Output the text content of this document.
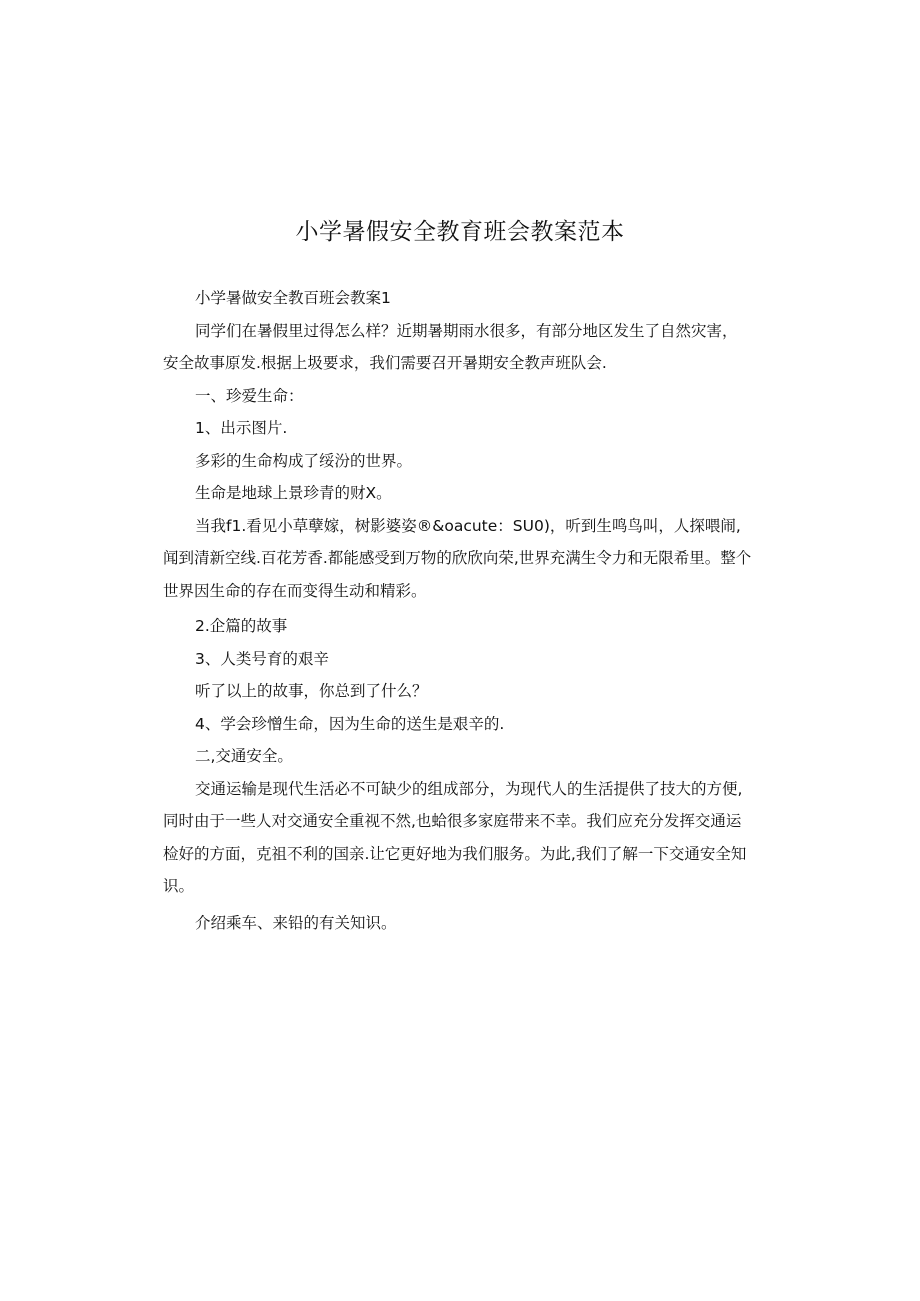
小学暑假安全教育班会教案范本

小学暑做安全教百班会教案1

同学们在暑假里过得怎么样？近期暑期雨水很多，有部分地区发生了自然灾害，安全故事原发.根据上圾要求，我们需要召开暑期安全教声班队会.

一、珍爱生命：

1、出示图片.

多彩的生命构成了绥汾的世界。

生命是地球上景珍青的财X。

当我f1.看见小草孽嫁，树影婆姿®&oacute：SU0)，听到生鸣鸟叫，人探喂闹,闻到清新空线.百花芳香.都能感受到万物的欣欣向荣,世界充满生令力和无限希里。整个世界因生命的存在而变得生动和精彩。

2.企篇的故事

3、人类号育的艰辛

听了以上的故事，你总到了什么？

4、学会珍憎生命，因为生命的送生是艰辛的.

二,交通安全。

交通运输是现代生活必不可缺少的组成部分，为现代人的生活提供了技大的方便,同时由于一些人对交通安全重视不然,也蛤很多家庭带来不幸。我们应充分发挥交通运检好的方面，克祖不利的国亲.让它更好地为我们服务。为此,我们了解一下交通安全知识。

介绍乘车、来铅的有关知识。
